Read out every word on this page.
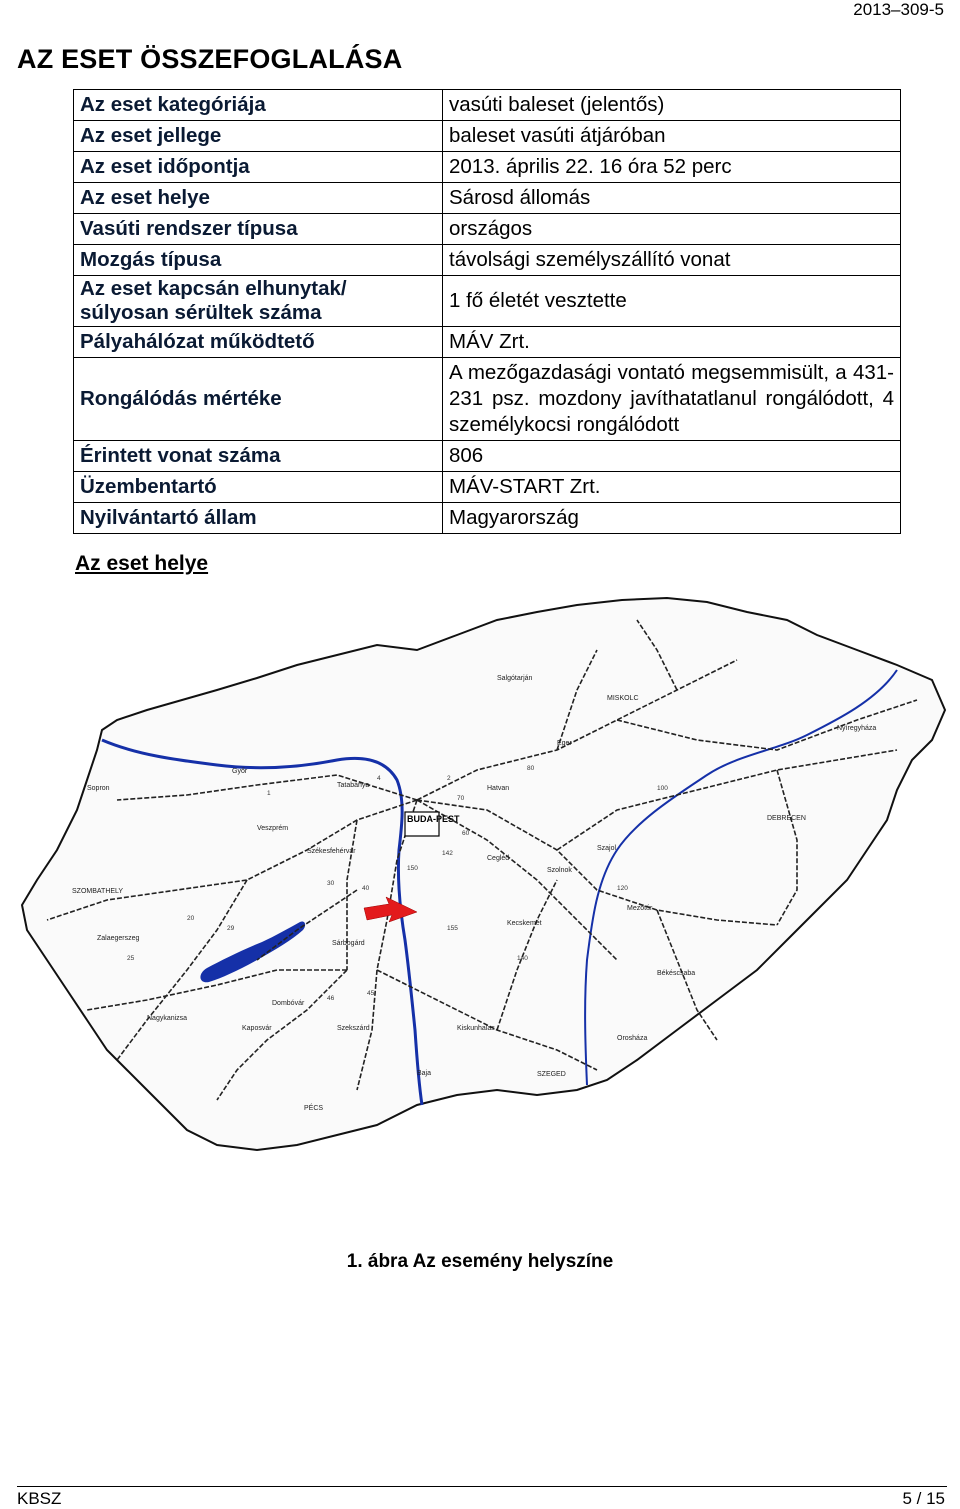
2013–309-5
AZ ESET ÖSSZEFOGLALÁSA
Az eset kategóriája	vasúti baleset (jelentős)
Az eset jellege	baleset vasúti átjáróban
Az eset időpontja	2013. április 22. 16 óra 52 perc
Az eset helye	Sárosd állomás
Vasúti rendszer típusa	országos
Mozgás típusa	távolsági személyszállító vonat

Az eset kapcsán elhunytak/
súlyosan sérültek száma	1 fő életét vesztette
Pályahálózat működtető	MÁV Zrt.
Rongálódás mértéke	A mezőgazdasági vontató megsemmisült, a 431-231 psz. mozdony javíthatatlanul rongálódott, 4 személykocsi rongálódott
Érintett vonat száma	806
Üzembentartó	MÁV-START Zrt.
Nyilvántartó állam	Magyarország
Az eset helye
BUDA-PEST
SZOMBATHELY
MISKOLC
DEBRECEN
SZEGED
PÉCS
Szolnok
Kecskemét
Győr
Sopron
Kaposvár
Székesfehérvár
Veszprém
Sárbogárd
Szekszárd
Dombóvár
Nyíregyháza
Békéscsaba
Hatvan
Eger
Cegléd
Tatabánya
Zalaegerszeg
Nagykanizsa
Baja
Kiskunhalas
Salgótarján
Szajol
Orosháza
Mezőtúr
1
2
4
20
25
29
30
40
45
46
60
70
80
100
120
140
142
150
155
1. ábra Az esemény helyszíne
KBSZ	5 / 15
